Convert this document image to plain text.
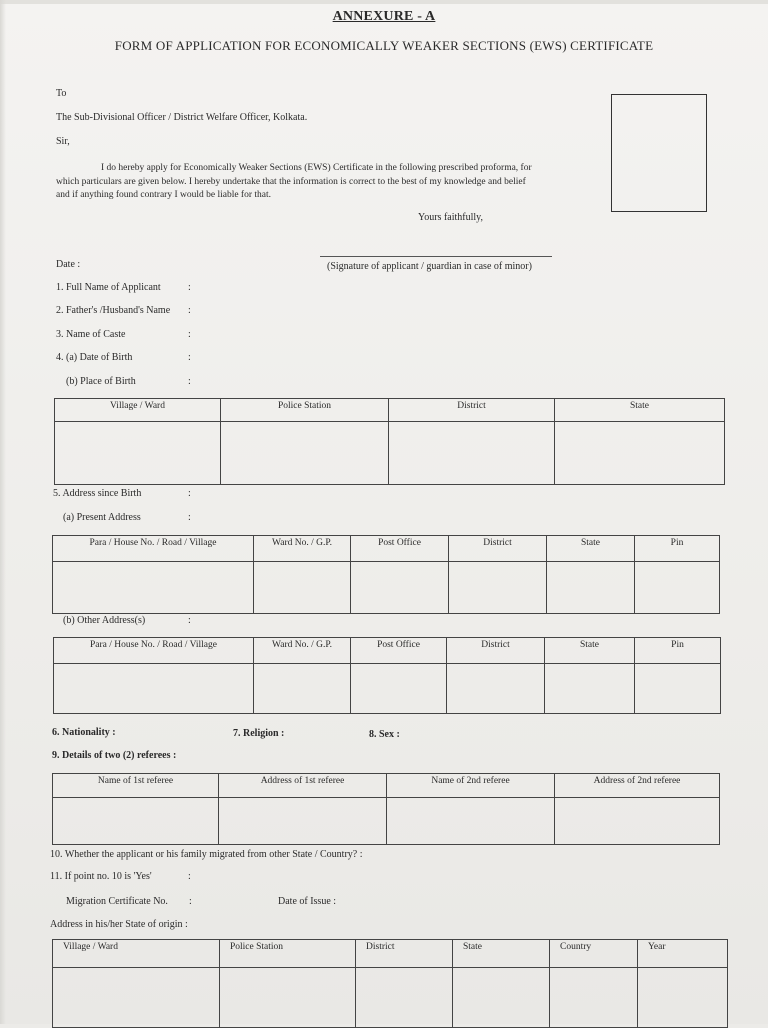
ANNEXURE - A
FORM OF APPLICATION FOR ECONOMICALLY WEAKER SECTIONS (EWS) CERTIFICATE
To
The Sub-Divisional Officer / District Welfare Officer, Kolkata.
Sir,
I do hereby apply for Economically Weaker Sections (EWS) Certificate in the following prescribed proforma, for
which particulars are given below. I hereby undertake that the information is correct to the best of my knowledge and belief
and if anything found contrary I would be liable for that.
Yours faithfully,
Date :	(Signature of applicant / guardian in case of minor)
1. Full Name of Applicant	:
2. Father's /Husband's Name :
3. Name of Caste	:
4. (a) Date of Birth	:
(b) Place of Birth	:
Village / Ward	Police Station	District	State

5. Address since Birth	:
(a) Present Address	:
Para / House No. / Road / Village	Ward No. / G.P.	Post Office	District	State	Pin

(b) Other Address(s)	:
Para / House No. / Road / Village	Ward No. / G.P.	Post Office	District	State	Pin

6. Nationality :	7. Religion :	8. Sex :
9. Details of two (2) referees :
Name of 1st referee	Address of 1st referee	Name of 2nd referee	Address of 2nd referee

10. Whether the applicant or his family migrated from other State / Country? :
11. If point no. 10 is 'Yes'	:
Migration Certificate No. :	Date of Issue :
Address in his/her State of origin :
Village / Ward	Police Station	District	State	Country	Year
